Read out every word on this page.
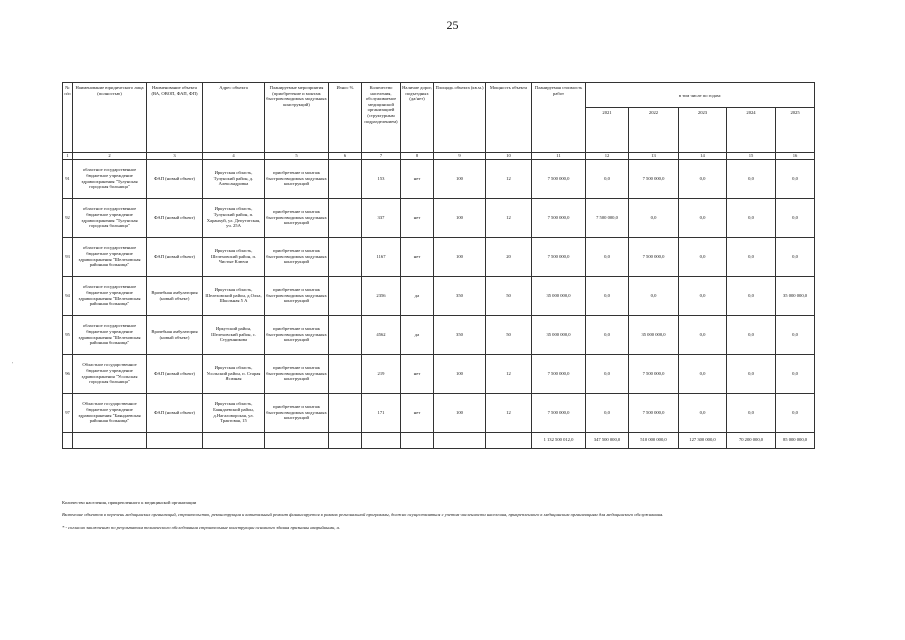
25
№ п/п	Наименование юридического лица (полностью)	Наименование объекта (ВА, ОВОП, ФАП, ФП)	Адрес объекта	Планируемые мероприятия (приобретение и монтаж быстровозводимых модульных конструкций)	Износ %	Количество населения, обслуживаемое медицинской организацией (структурным подразделением)	Наличие дорог, подъездных (да/нет)	Площадь объекта (кв.м.)	Мощность объекта	Планируемая стоимость работ	в том числе по годам:				
											2021	2022	2023	2024	2025
1	2	3	4	5	6	7	8	9	10	11	12	13	14	15	16
91	областное государственное бюджетное учреждение здравоохранения "Тулунская городская больница"	ФАП (новый объект)	Иркутская область, Тулунский район, д. Александровка	приобретение и монтаж быстровозводимых модульных конструкций		153	нет	100	12	7 500 000,0	0,0	7 500 000,0	0,0	0,0	0,0
92	областное государственное бюджетное учреждение здравоохранения "Тулунская городская больница"	ФАП (новый объект)	Иркутская область, Тулунский район, п. Харанхуй, ул. Депутатская, уч. 25А	приобретение и монтаж быстровозводимых модульных конструкций		337	нет	100	12	7 500 000,0	7 500 000,0	0,0	0,0	0,0	0,0
93	областное государственное бюджетное учреждение здравоохранения "Шелеховская районная больница"	ФАП (новый объект)	Иркутская область, Шелеховский район, п. Чистые Ключи	приобретение и монтаж быстровозводимых модульных конструкций		1167	нет	100	20	7 500 000,0	0,0	7 500 000,0	0,0	0,0	0,0
94	областное государственное бюджетное учреждение здравоохранения "Шелеховская районная больница"	Врачебная амбулатория (новый объект)	Иркутская область, Шелеховский район, д.Олха, Школьная 5 А	приобретение и монтаж быстровозводимых модульных конструкций		2356	да	350	50	35 000 000,0	0,0	0,0	0,0	0,0	35 000 000,0
95	областное государственное бюджетное учреждение здравоохранения "Шелеховская районная больница"	Врачебная амбулатория (новый объект)	Иркутский район, Шелеховский район, с. Студенникова	приобретение и монтаж быстровозводимых модульных конструкций		4562	да	350	50	35 000 000,0	0,0	35 000 000,0	0,0	0,0	0,0
96	Областное государственное бюджетное учреждение здравоохранения "Усольская городская больница"	ФАП (новый объект)	Иркутская область, Усольский район, п. Старая Ясачная	приобретение и монтаж быстровозводимых модульных конструкций		219	нет	100	12	7 500 000,0	0,0	7 500 000,0	0,0	0,0	0,0
97	Областное государственное бюджетное учреждение здравоохранения "Баяндаевская районная больница"	ФАП (новый объект)	Иркутская область, Баяндаевский район, д.Нагаловорская, ул. Трактовая, 15	приобретение и монтаж быстровозводимых модульных конструкций		171	нет	100	12	7 500 000,0	0,0	7 500 000,0	0,0	0,0	0,0
										1 132 500 012,0	347 500 000,0	510 000 000,0	127 300 000,0	70 200 000,0	85 000 000,0

Количество населения, прикрепленного к медицинской организации

Включение объектов в перечень медицинских организаций, строительство, реконструкция и капитальный ремонт финансируется в рамках региональной программы, должно осуществляться с учетом численности населения, прикрепленного к медицинским организациям для медицинского обслуживания.

* - согласно заключению по результатам технического обследования строительные конструкции основного здания признаны аварийными, а.

ʹ
